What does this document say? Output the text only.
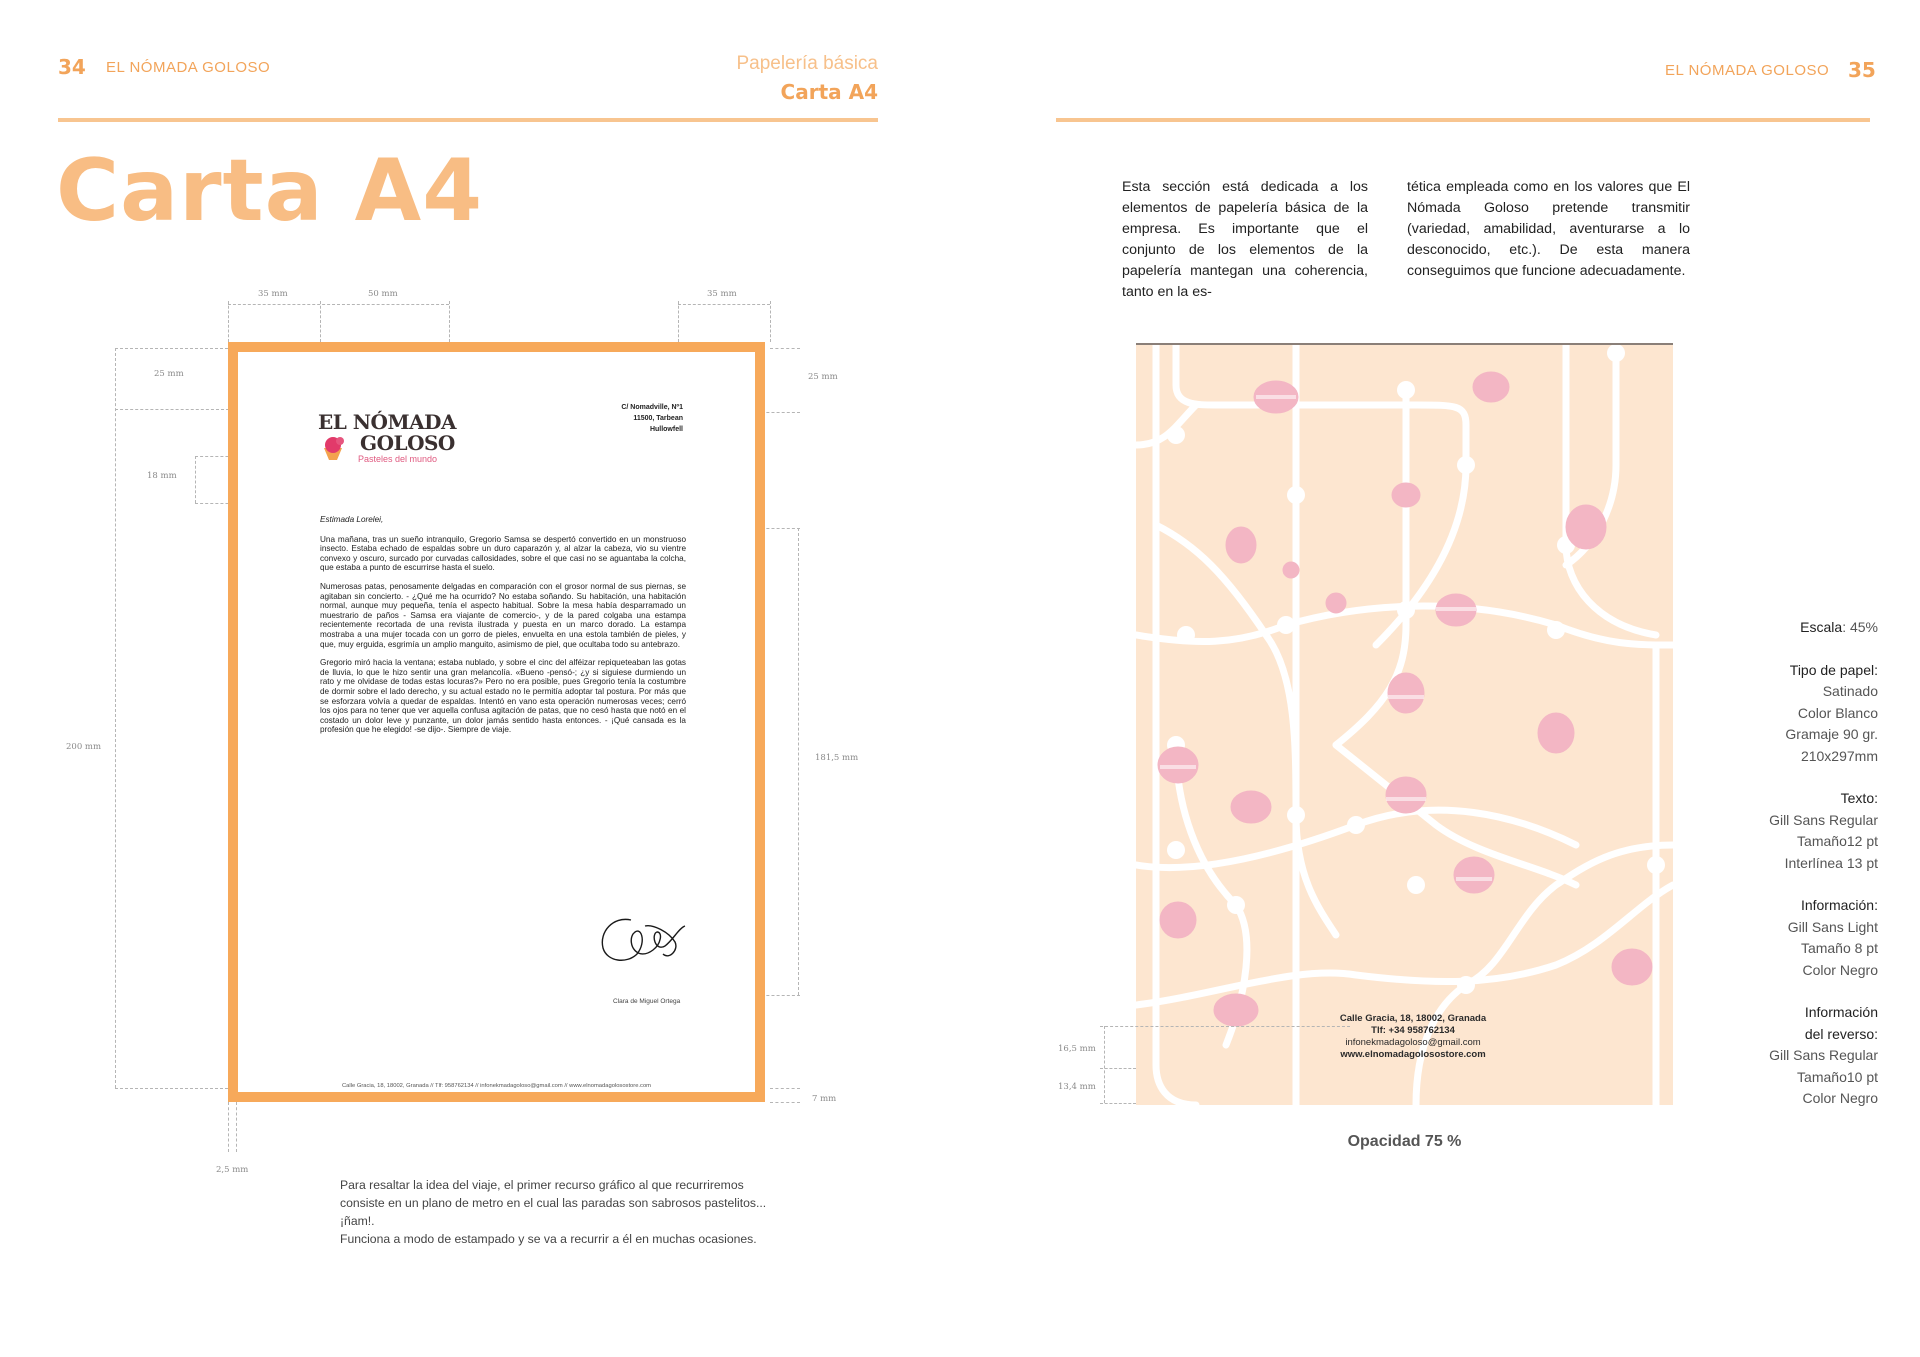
34 EL NÓMADA GOLOSO	Papelería básica
Carta A4
Carta A4
35 mm	50 mm	35 mm
25 mm
18 mm
200 mm
25 mm
181,5 mm
7 mm
2,5 mm
EL NÓMADA
GOLOSO
Pasteles del mundo
C/ Nomadville, Nº1
11500, Tarbean
Hullowfell

Estimada Lorelei,

Una mañana, tras un sueño intranquilo, Gregorio Samsa se despertó convertido en un monstruoso insecto. Estaba echado de espaldas sobre un duro caparazón y, al alzar la cabeza, vio su vientre convexo y oscuro, surcado por curvadas callosidades, sobre el que casi no se aguantaba la colcha, que estaba a punto de escurrirse hasta el suelo.

Numerosas patas, penosamente delgadas en comparación con el grosor normal de sus piernas, se agitaban sin concierto. - ¿Qué me ha ocurrido? No estaba soñando. Su habitación, una habitación normal, aunque muy pequeña, tenía el aspecto habitual. Sobre la mesa había desparramado un muestrario de paños - Samsa era viajante de comercio-, y de la pared colgaba una estampa recientemente recortada de una revista ilustrada y puesta en un marco dorado. La estampa mostraba a una mujer tocada con un gorro de pieles, envuelta en una estola también de pieles, y que, muy erguida, esgrimía un amplio manguito, asimismo de piel, que ocultaba todo su antebrazo.

Gregorio miró hacia la ventana; estaba nublado, y sobre el cinc del alféizar repiqueteaban las gotas de lluvia, lo que le hizo sentir una gran melancolía. «Bueno -pensó-; ¿y si siguiese durmiendo un rato y me olvidase de todas estas locuras?» Pero no era posible, pues Gregorio tenía la costumbre de dormir sobre el lado derecho, y su actual estado no le permitía adoptar tal postura. Por más que se esforzara volvía a quedar de espaldas. Intentó en vano esta operación numerosas veces; cerró los ojos para no tener que ver aquella confusa agitación de patas, que no cesó hasta que notó en el costado un dolor leve y punzante, un dolor jamás sentido hasta entonces. - ¡Qué cansada es la profesión que he elegido! -se dijo-. Siempre de viaje.

Clara de Miguel Ortega
Calle Gracia, 18, 18002, Granada // Tlf: 958762134 // infonekmadagoloso@gmail.com // www.elnomadagolosostore.com
Para resaltar la idea del viaje, el primer recurso gráfico al que recurriremos consiste en un plano de metro en el cual las paradas son sabrosos pastelitos... ¡ñam!.
Funciona a modo de estampado y se va a recurrir a él en muchas ocasiones.
EL NÓMADA GOLOSO 35
Esta sección está dedicada a los elementos de papelería básica de la empresa. Es importante que el conjunto de los elementos de la papelería mantegan una coherencia, tanto en la es-
tética empleada como en los valores que El Nómada Goloso pretende transmitir (variedad, amabilidad, aventurarse a lo desconocido, etc.). De esta manera conseguimos que funcione adecuadamente.
Calle Gracia, 18, 18002, Granada
Tlf: +34 958762134
infonekmadagoloso@gmail.com
www.elnomadagolosostore.com
16,5 mm
13,4 mm
Opacidad 75 %
Escala: 45%
Tipo de papel:
Satinado
Color Blanco
Gramaje 90 gr.
210x297mm
Texto:
Gill Sans Regular
Tamaño12 pt
Interlínea 13 pt
Información:
Gill Sans Light
Tamaño 8 pt
Color Negro
Información
del reverso:
Gill Sans Regular
Tamaño10 pt
Color Negro
